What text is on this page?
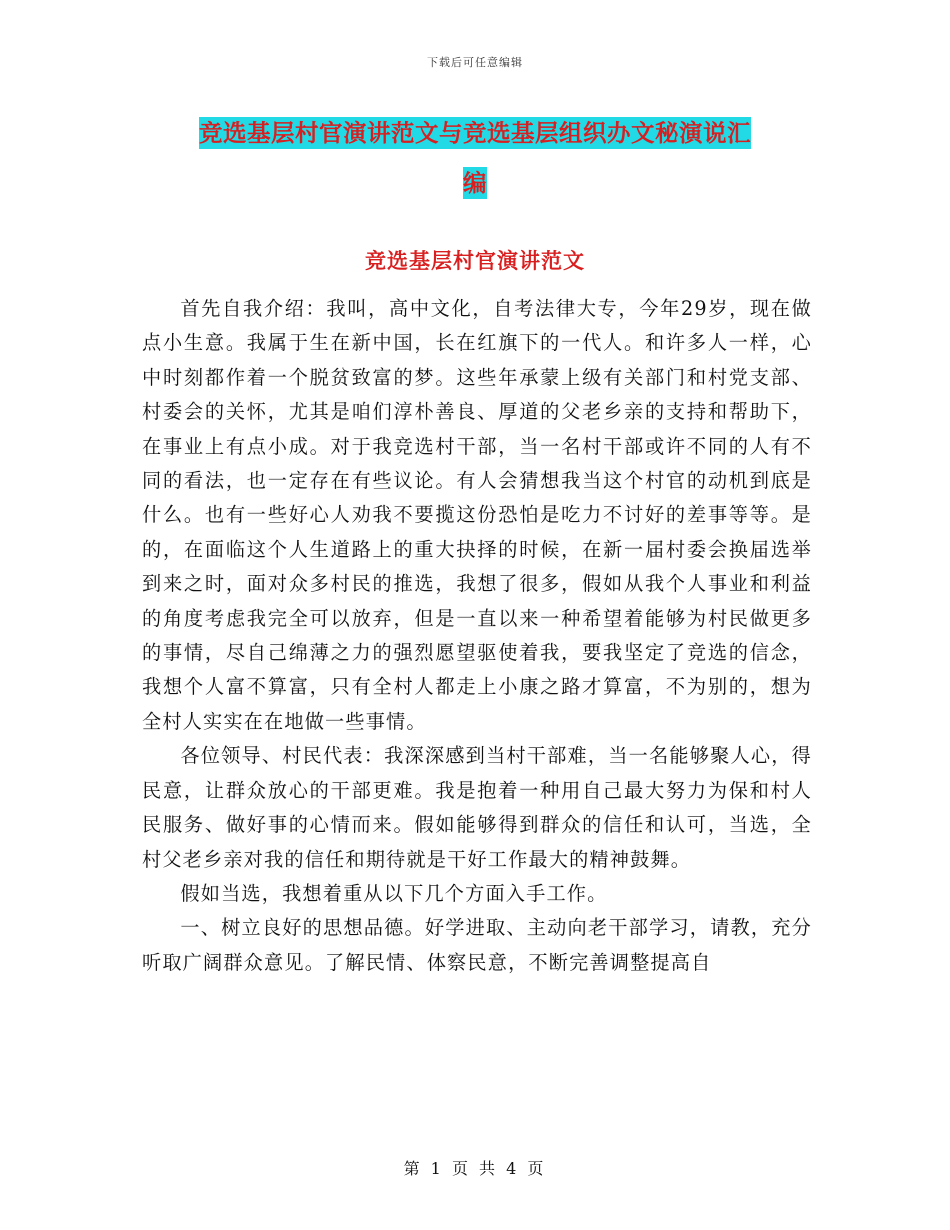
下载后可任意编辑
竞选基层村官演讲范文与竞选基层组织办文秘演说汇
编
竞选基层村官演讲范文

首先自我介绍：我叫，高中文化，自考法律大专，今年29岁，现在做点小生意。我属于生在新中国，长在红旗下的一代人。和许多人一样，心中时刻都作着一个脱贫致富的梦。这些年承蒙上级有关部门和村党支部、村委会的关怀，尤其是咱们淳朴善良、厚道的父老乡亲的支持和帮助下，在事业上有点小成。对于我竞选村干部，当一名村干部或许不同的人有不同的看法，也一定存在有些议论。有人会猜想我当这个村官的动机到底是什么。也有一些好心人劝我不要揽这份恐怕是吃力不讨好的差事等等。是的，在面临这个人生道路上的重大抉择的时候，在新一届村委会换届选举到来之时，面对众多村民的推选，我想了很多，假如从我个人事业和利益的角度考虑我完全可以放弃，但是一直以来一种希望着能够为村民做更多的事情，尽自己绵薄之力的强烈愿望驱使着我，要我坚定了竞选的信念，我想个人富不算富，只有全村人都走上小康之路才算富，不为别的，想为全村人实实在在地做一些事情。

各位领导、村民代表：我深深感到当村干部难，当一名能够聚人心，得民意，让群众放心的干部更难。我是抱着一种用自己最大努力为保和村人民服务、做好事的心情而来。假如能够得到群众的信任和认可，当选，全村父老乡亲对我的信任和期待就是干好工作最大的精神鼓舞。

假如当选，我想着重从以下几个方面入手工作。

一、树立良好的思想品德。好学进取、主动向老干部学习，请教，充分听取广阔群众意见。了解民情、体察民意，不断完善调整提高自

第 1 页 共 4 页
